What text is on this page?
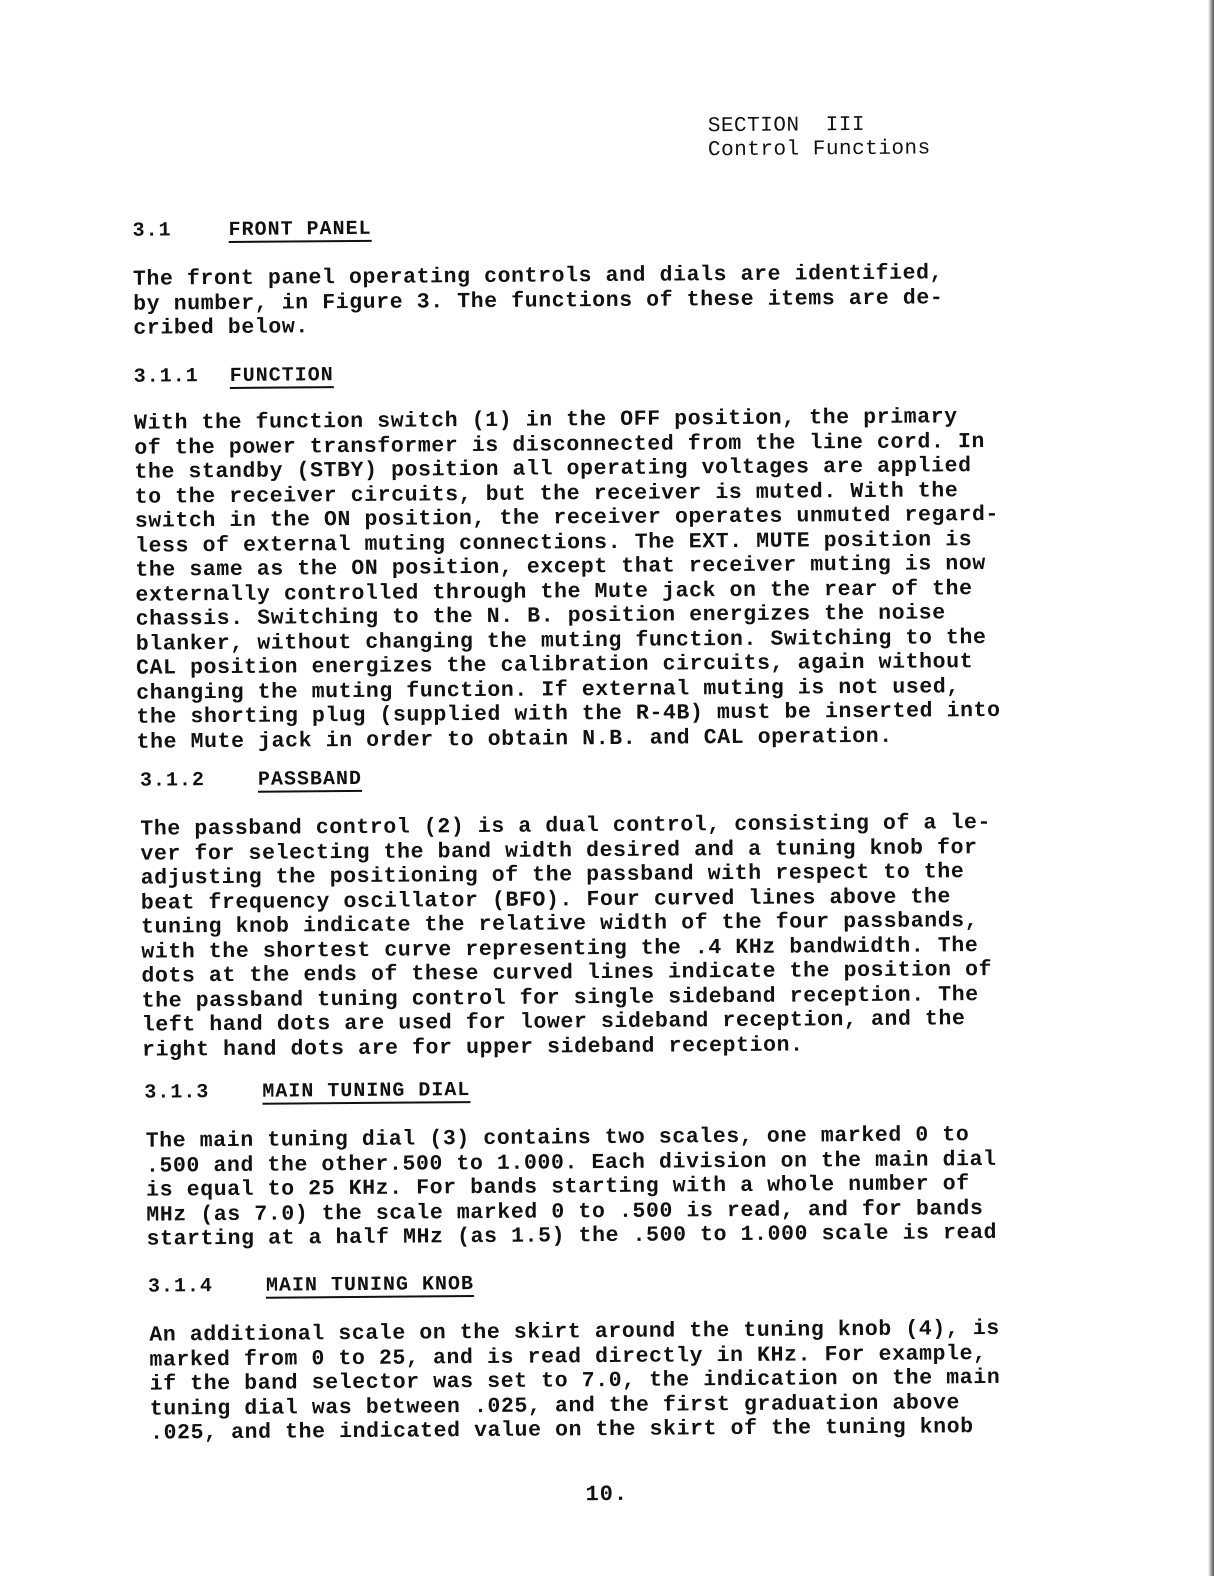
SECTION  III
Control Functions
3.1	FRONT PANEL
The front panel operating controls and dials are identified,
by number, in Figure 3. The functions of these items are de-
cribed below.
3.1.1 FUNCTION
With the function switch (1) in the OFF position, the primary
of the power transformer is disconnected from the line cord. In
the standby (STBY) position all operating voltages are applied
to the receiver circuits, but the receiver is muted. With the
switch in the ON position, the receiver operates unmuted regard-
less of external muting connections. The EXT. MUTE position is
the same as the ON position, except that receiver muting is now
externally controlled through the Mute jack on the rear of the
chassis. Switching to the N. B. position energizes the noise
blanker, without changing the muting function. Switching to the
CAL position energizes the calibration circuits, again without
changing the muting function. If external muting is not used,
the shorting plug (supplied with the R-4B) must be inserted into
the Mute jack in order to obtain N.B. and CAL operation.
3.1.2	PASSBAND
The passband control (2) is a dual control, consisting of a le-
ver for selecting the band width desired and a tuning knob for
adjusting the positioning of the passband with respect to the
beat frequency oscillator (BFO). Four curved lines above the
tuning knob indicate the relative width of the four passbands,
with the shortest curve representing the .4 KHz bandwidth. The
dots at the ends of these curved lines indicate the position of
the passband tuning control for single sideband reception. The
left hand dots are used for lower sideband reception, and the
right hand dots are for upper sideband reception.
3.1.3	MAIN TUNING DIAL
The main tuning dial (3) contains two scales, one marked 0 to
.500 and the other.500 to 1.000. Each division on the main dial
is equal to 25 KHz. For bands starting with a whole number of
MHz (as 7.0) the scale marked 0 to .500 is read, and for bands
starting at a half MHz (as 1.5) the .500 to 1.000 scale is read
3.1.4	MAIN TUNING KNOB
An additional scale on the skirt around the tuning knob (4), is
marked from 0 to 25, and is read directly in KHz. For example,
if the band selector was set to 7.0, the indication on the main
tuning dial was between .025, and the first graduation above
.025, and the indicated value on the skirt of the tuning knob
10.
